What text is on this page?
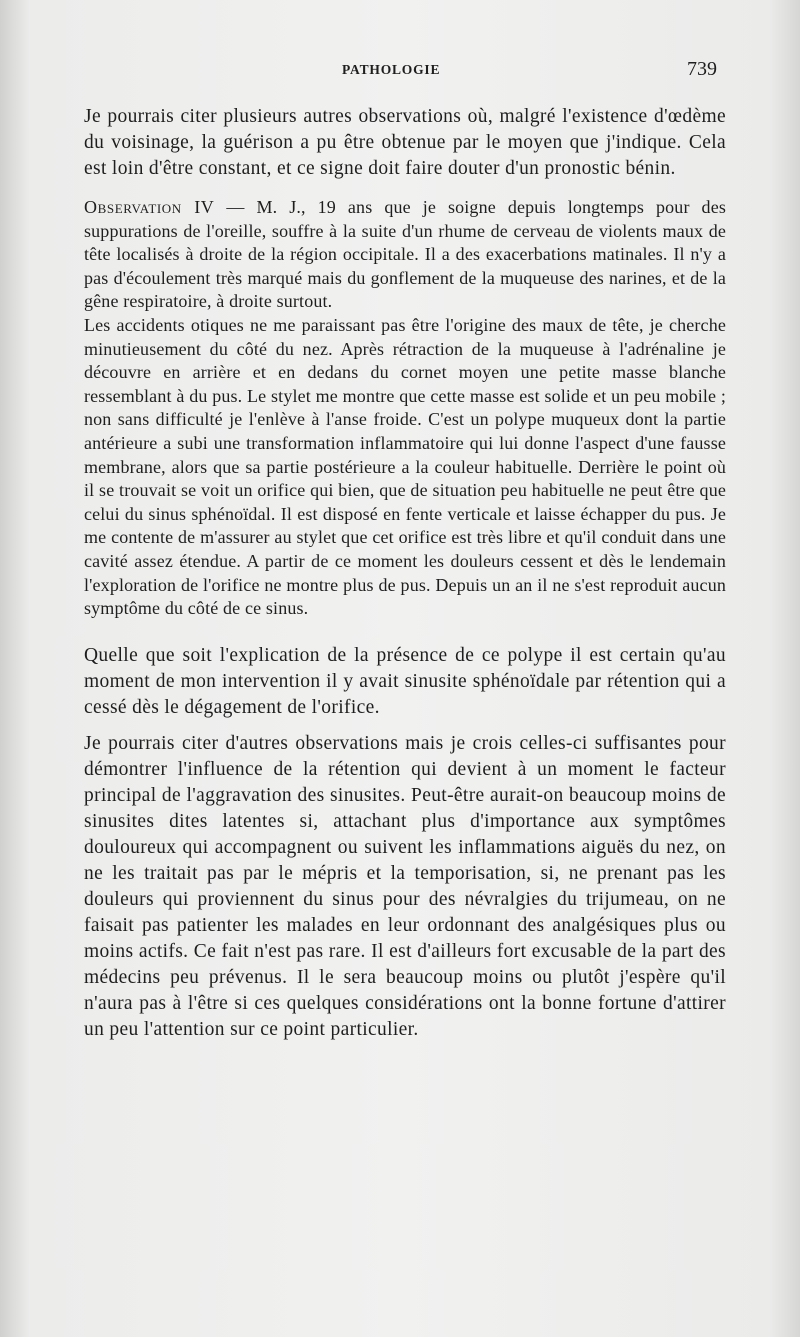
PATHOLOGIE	739

Je pourrais citer plusieurs autres observations où, malgré l'existence d'œdème du voisinage, la guérison a pu être obtenue par le moyen que j'indique. Cela est loin d'être constant, et ce signe doit faire douter d'un pronostic bénin.

Observation IV — M. J., 19 ans que je soigne depuis longtemps pour des suppurations de l'oreille, souffre à la suite d'un rhume de cerveau de violents maux de tête localisés à droite de la région occipitale. Il a des exacerbations matinales. Il n'y a pas d'écoulement très marqué mais du gonflement de la muqueuse des narines, et de la gêne respiratoire, à droite surtout.

Les accidents otiques ne me paraissant pas être l'origine des maux de tête, je cherche minutieusement du côté du nez. Après rétraction de la muqueuse à l'adrénaline je découvre en arrière et en dedans du cornet moyen une petite masse blanche ressemblant à du pus. Le stylet me montre que cette masse est solide et un peu mobile ; non sans difficulté je l'enlève à l'anse froide. C'est un polype muqueux dont la partie antérieure a subi une transformation inflammatoire qui lui donne l'aspect d'une fausse membrane, alors que sa partie postérieure a la couleur habituelle. Derrière le point où il se trouvait se voit un orifice qui bien, que de situation peu habituelle ne peut être que celui du sinus sphénoïdal. Il est disposé en fente verticale et laisse échapper du pus. Je me contente de m'assurer au stylet que cet orifice est très libre et qu'il conduit dans une cavité assez étendue. A partir de ce moment les douleurs cessent et dès le lendemain l'exploration de l'orifice ne montre plus de pus. Depuis un an il ne s'est reproduit aucun symptôme du côté de ce sinus.

Quelle que soit l'explication de la présence de ce polype il est certain qu'au moment de mon intervention il y avait sinusite sphénoïdale par rétention qui a cessé dès le dégagement de l'orifice.

Je pourrais citer d'autres observations mais je crois celles-ci suffisantes pour démontrer l'influence de la rétention qui devient à un moment le facteur principal de l'aggravation des sinusites. Peut-être aurait-on beaucoup moins de sinusites dites latentes si, attachant plus d'importance aux symptômes douloureux qui accompagnent ou suivent les inflammations aiguës du nez, on ne les traitait pas par le mépris et la temporisation, si, ne prenant pas les douleurs qui proviennent du sinus pour des névralgies du trijumeau, on ne faisait pas patienter les malades en leur ordonnant des analgésiques plus ou moins actifs. Ce fait n'est pas rare. Il est d'ailleurs fort excusable de la part des médecins peu prévenus. Il le sera beaucoup moins ou plutôt j'espère qu'il n'aura pas à l'être si ces quelques considérations ont la bonne fortune d'attirer un peu l'attention sur ce point particulier.
